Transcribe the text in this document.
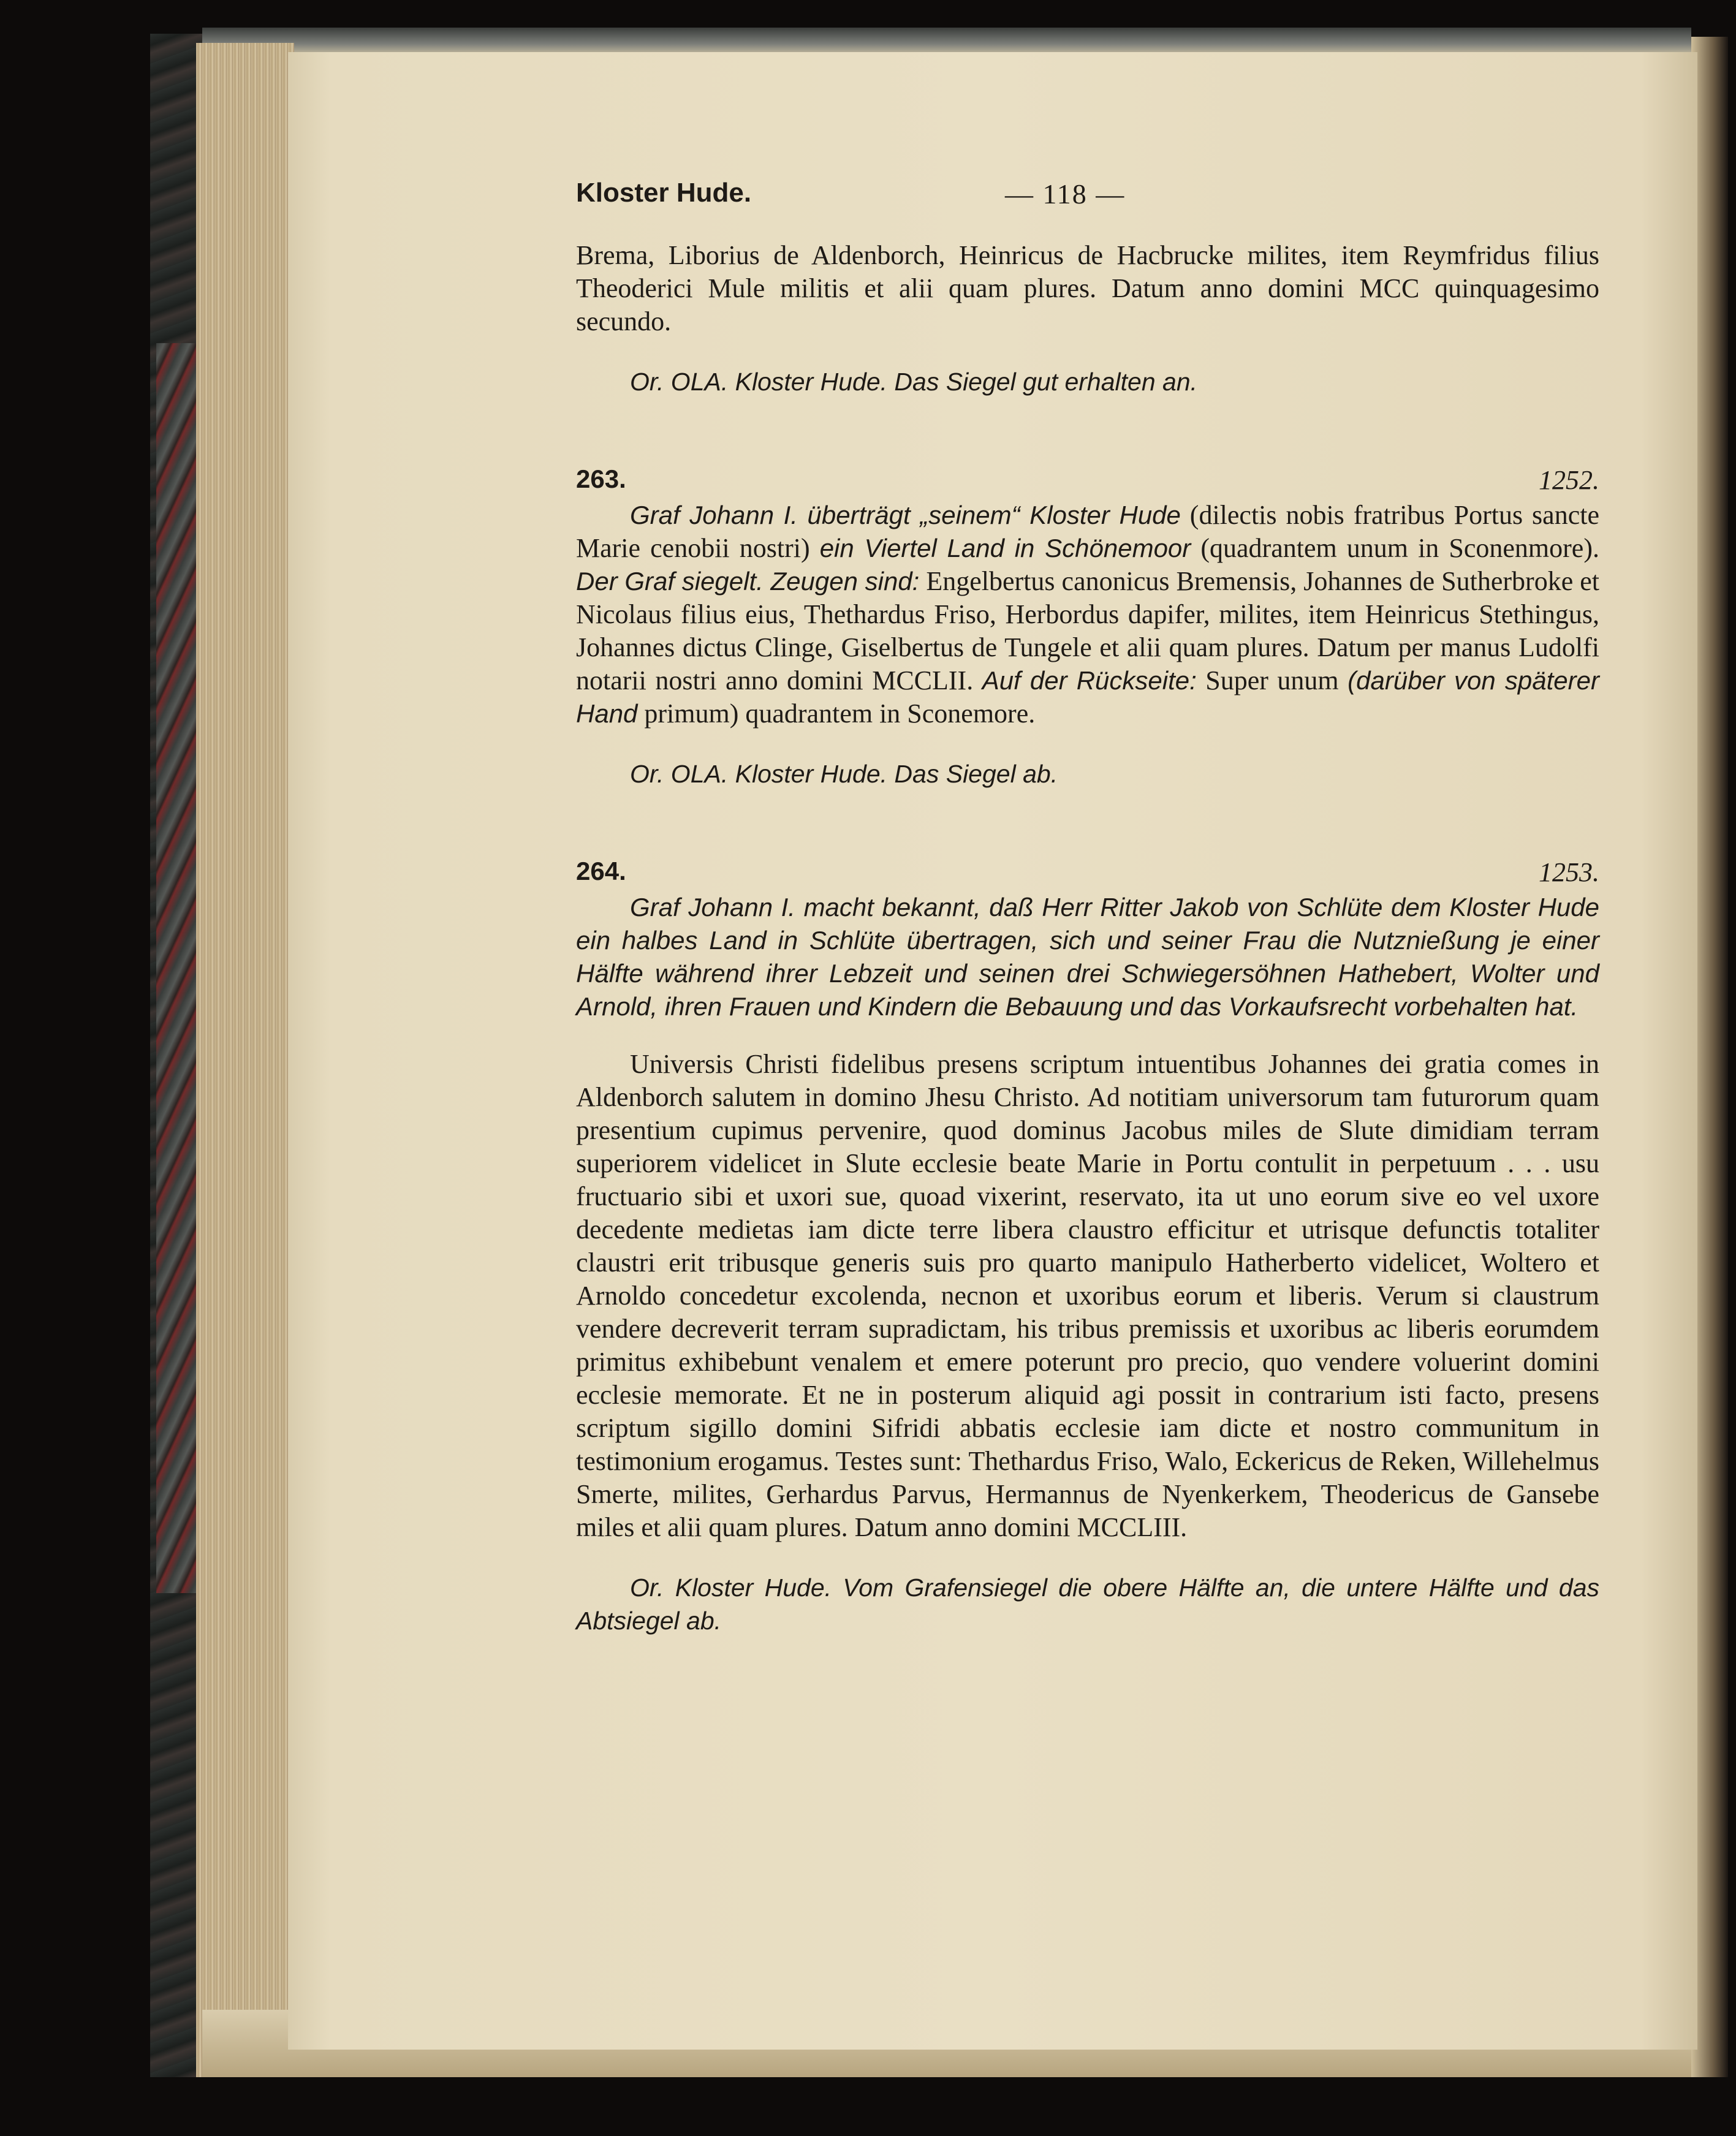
Kloster Hude.	— 118 —

Brema, Liborius de Aldenborch, Heinricus de Hacbrucke milites, item Reymfridus filius Theoderici Mule militis et alii quam plures. Datum anno domini MCC quinquagesimo secundo.

Or. OLA. Kloster Hude. Das Siegel gut erhalten an.

263.	1252.

Graf Johann I. überträgt „seinem“ Kloster Hude (dilectis nobis fratribus Portus sancte Marie cenobii nostri) ein Viertel Land in Schönemoor (quadrantem unum in Sconenmore). Der Graf siegelt. Zeugen sind: Engelbertus canonicus Bremensis, Johannes de Sutherbroke et Nicolaus filius eius, Thethardus Friso, Herbordus dapifer, milites, item Heinricus Stethingus, Johannes dictus Clinge, Giselbertus de Tungele et alii quam plures. Datum per manus Ludolfi notarii nostri anno domini MCCLII. Auf der Rückseite: Super unum (darüber von späterer Hand primum) quadrantem in Sconemore.

Or. OLA. Kloster Hude. Das Siegel ab.

264.	1253.

Graf Johann I. macht bekannt, daß Herr Ritter Jakob von Schlüte dem Kloster Hude ein halbes Land in Schlüte übertragen, sich und seiner Frau die Nutznießung je einer Hälfte während ihrer Lebzeit und seinen drei Schwiegersöhnen Hathebert, Wolter und Arnold, ihren Frauen und Kindern die Bebauung und das Vorkaufsrecht vorbehalten hat.

Universis Christi fidelibus presens scriptum intuentibus Johannes dei gratia comes in Aldenborch salutem in domino Jhesu Christo. Ad notitiam universorum tam futurorum quam presentium cupimus pervenire, quod dominus Jacobus miles de Slute dimidiam terram superiorem videlicet in Slute ecclesie beate Marie in Portu contulit in perpetuum . . . usu fructuario sibi et uxori sue, quoad vixerint, reservato, ita ut uno eorum sive eo vel uxore decedente medietas iam dicte terre libera claustro efficitur et utrisque defunctis totaliter claustri erit tribusque generis suis pro quarto manipulo Hatherberto videlicet, Woltero et Arnoldo concedetur excolenda, necnon et uxoribus eorum et liberis. Verum si claustrum vendere decreverit terram supradictam, his tribus premissis et uxoribus ac liberis eorumdem primitus exhibebunt venalem et emere poterunt pro precio, quo vendere voluerint domini ecclesie memorate. Et ne in posterum aliquid agi possit in contrarium isti facto, presens scriptum sigillo domini Sifridi abbatis ecclesie iam dicte et nostro communitum in testimonium erogamus. Testes sunt: Thethardus Friso, Walo, Eckericus de Reken, Willehelmus Smerte, milites, Gerhardus Parvus, Hermannus de Nyenkerkem, Theodericus de Gansebe miles et alii quam plures. Datum anno domini MCCLIII.

Or. Kloster Hude. Vom Grafensiegel die obere Hälfte an, die untere Hälfte und das Abtsiegel ab.
